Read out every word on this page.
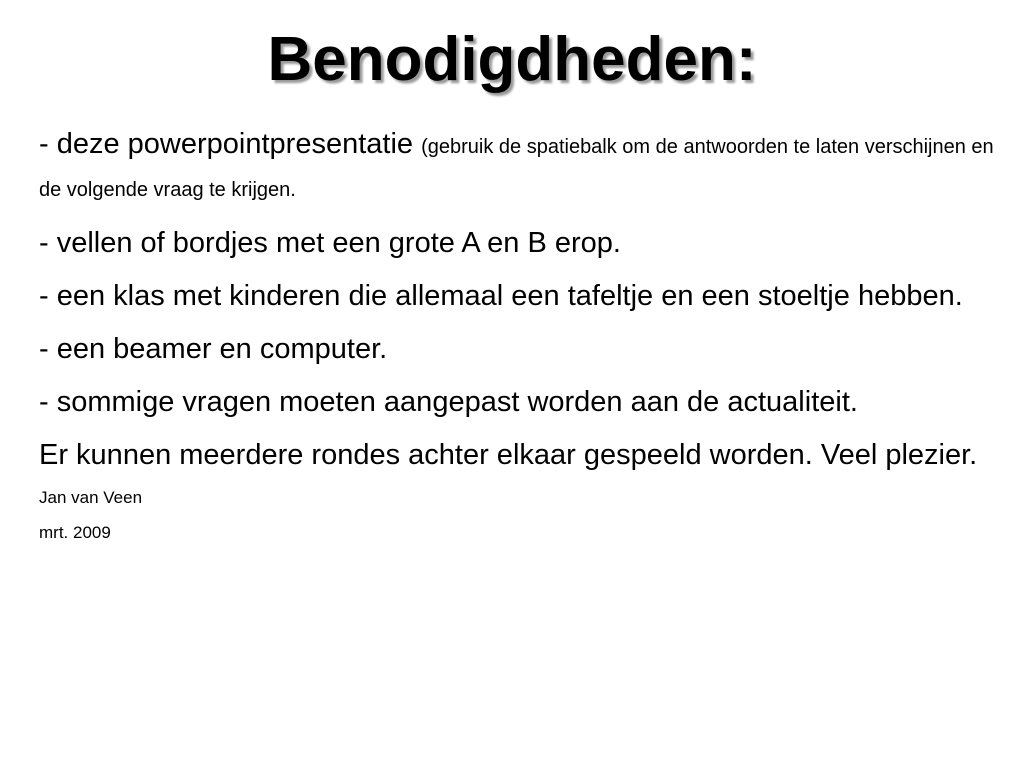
Benodigdheden:

- deze powerpointpresentatie (gebruik de spatiebalk om de antwoorden te laten verschijnen en de volgende vraag te krijgen.

- vellen of bordjes met een grote A en B erop.

- een klas met kinderen die allemaal een tafeltje en een stoeltje hebben.

- een beamer en computer.

- sommige vragen moeten aangepast worden aan de actualiteit.

Er kunnen meerdere rondes achter elkaar gespeeld worden. Veel plezier.

Jan van Veen

mrt. 2009
